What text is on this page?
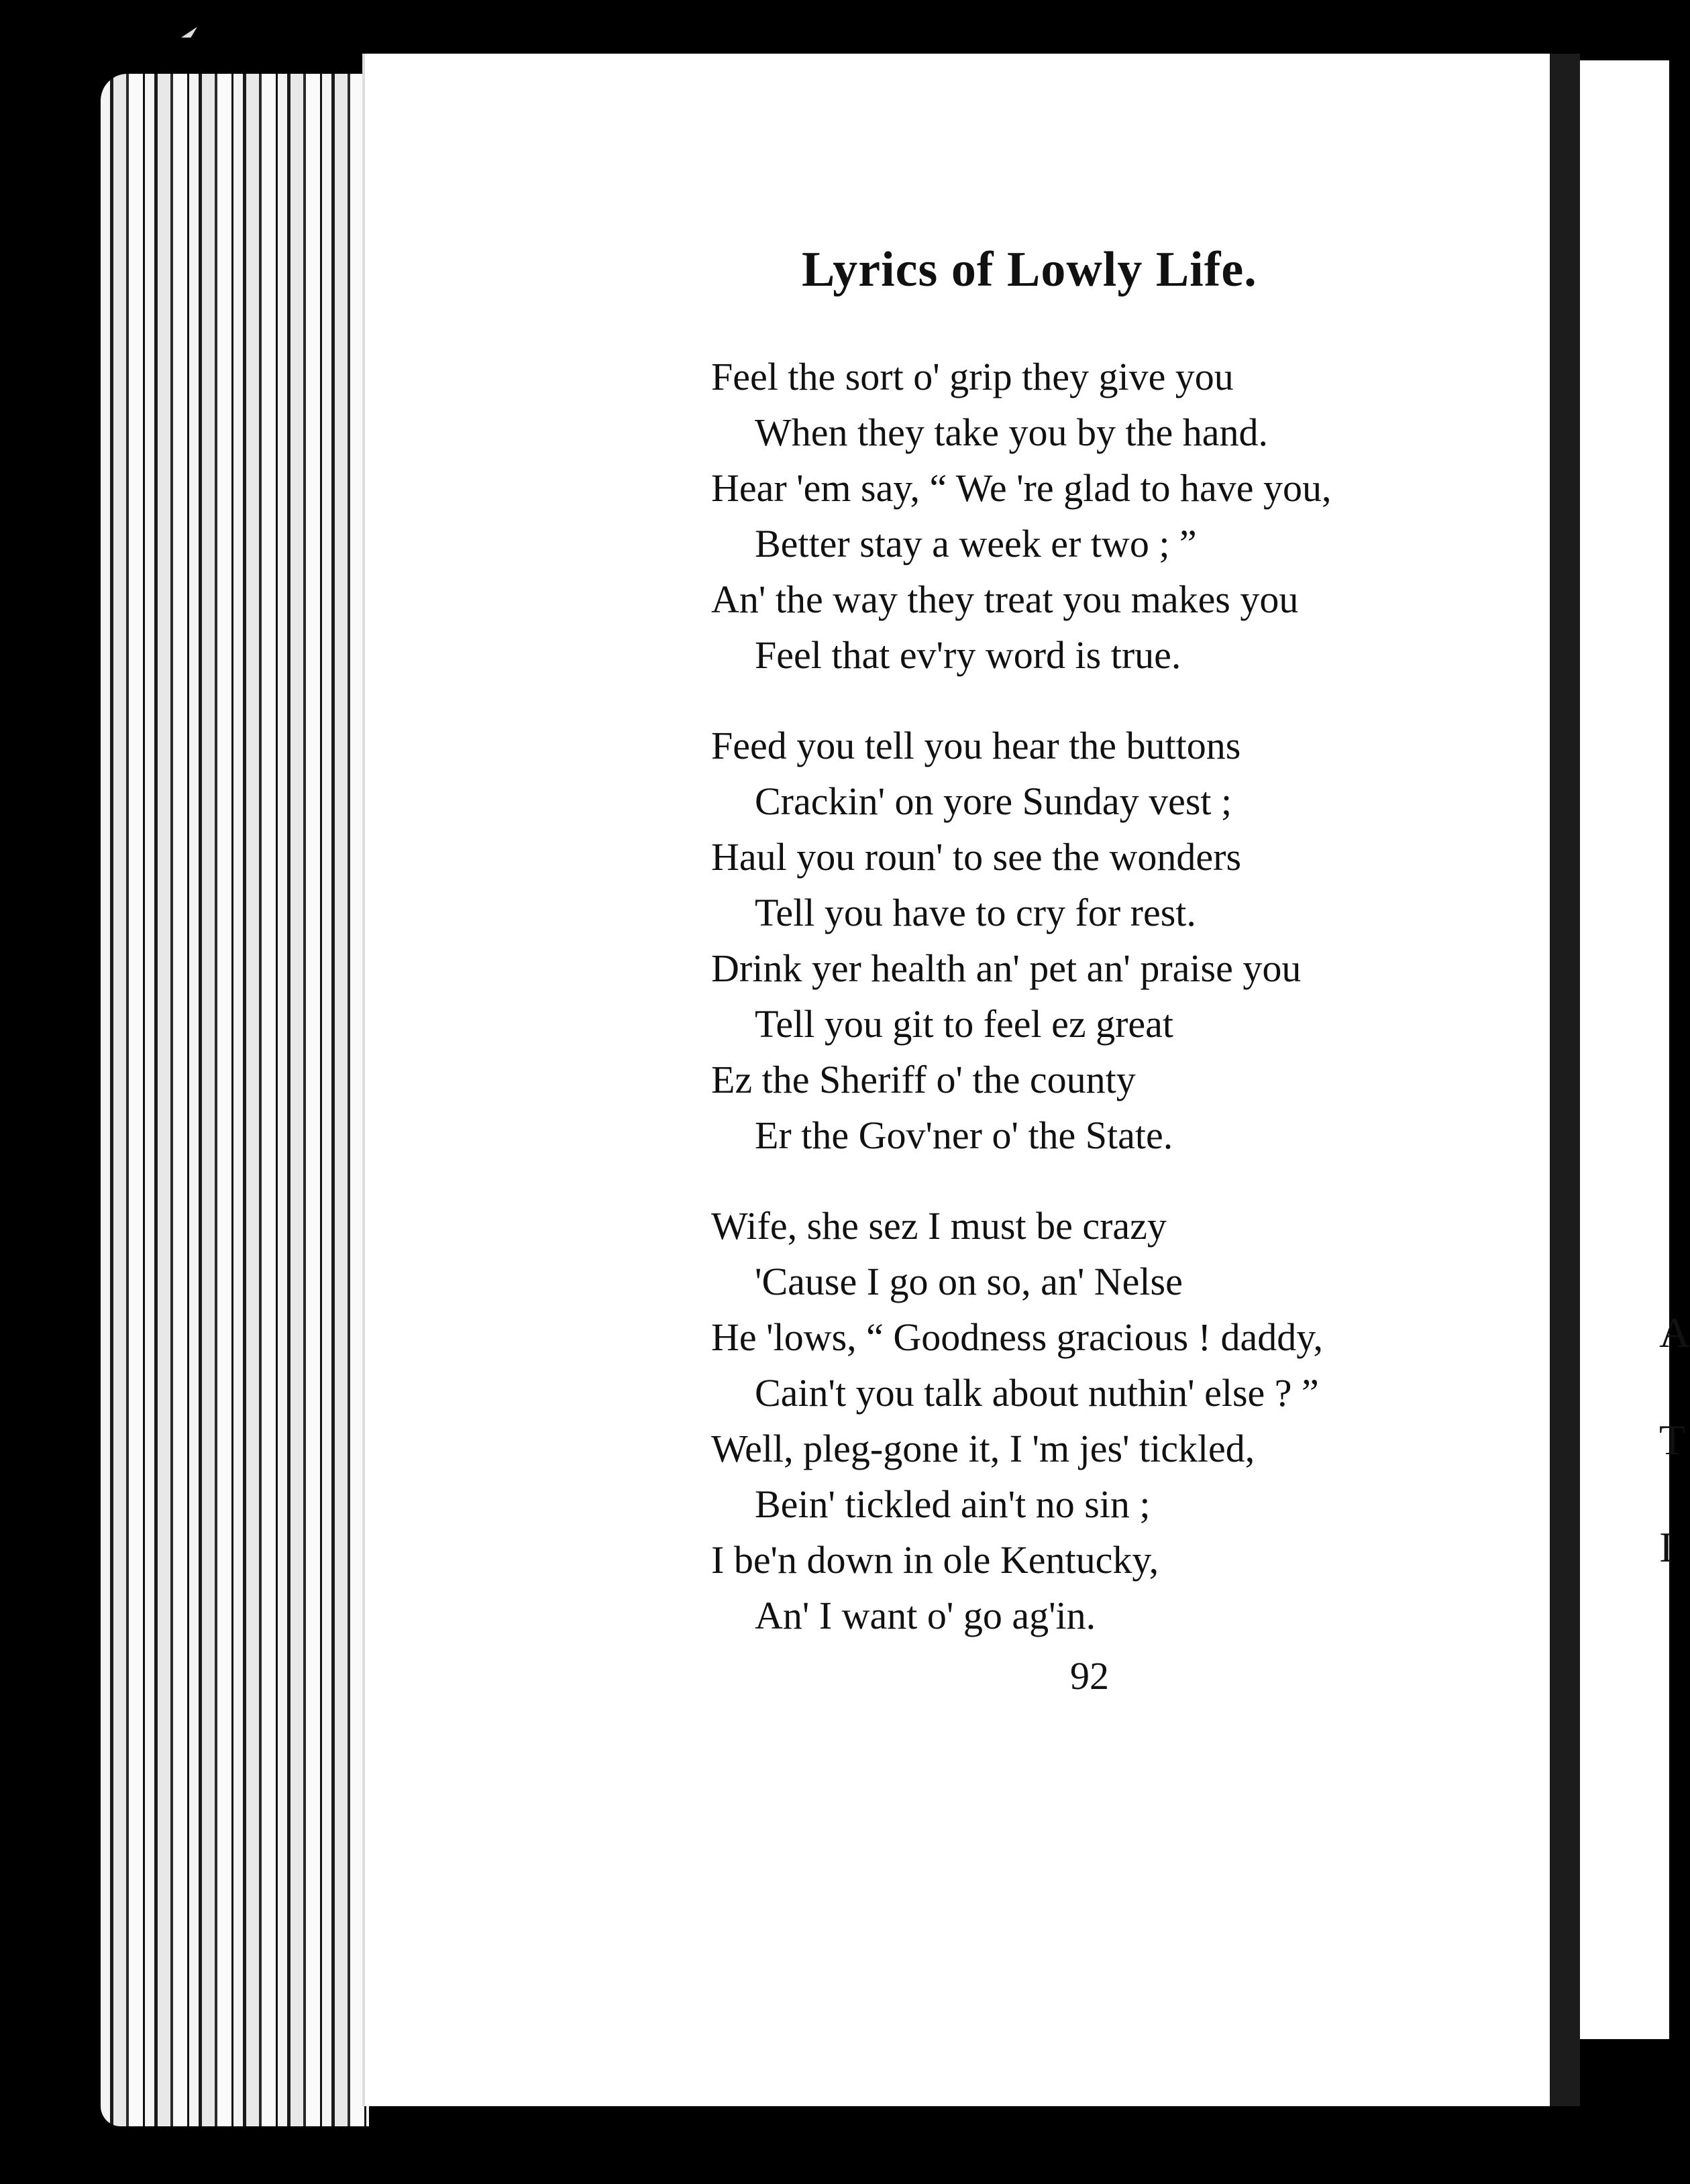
A
T
I
Lyrics of Lowly Life.
Feel the sort o' grip they give you
When they take you by the hand.
Hear 'em say, “ We 're glad to have you,
Better stay a week er two ; ”
An' the way they treat you makes you
Feel that ev'ry word is true.
Feed you tell you hear the buttons
Crackin' on yore Sunday vest ;
Haul you roun' to see the wonders
Tell you have to cry for rest.
Drink yer health an' pet an' praise you
Tell you git to feel ez great
Ez the Sheriff o' the county
Er the Gov'ner o' the State.
Wife, she sez I must be crazy
'Cause I go on so, an' Nelse
He 'lows, “ Goodness gracious ! daddy,
Cain't you talk about nuthin' else ? ”
Well, pleg-gone it, I 'm jes' tickled,
Bein' tickled ain't no sin ;
I be'n down in ole Kentucky,
An' I want o' go ag'in.
92
